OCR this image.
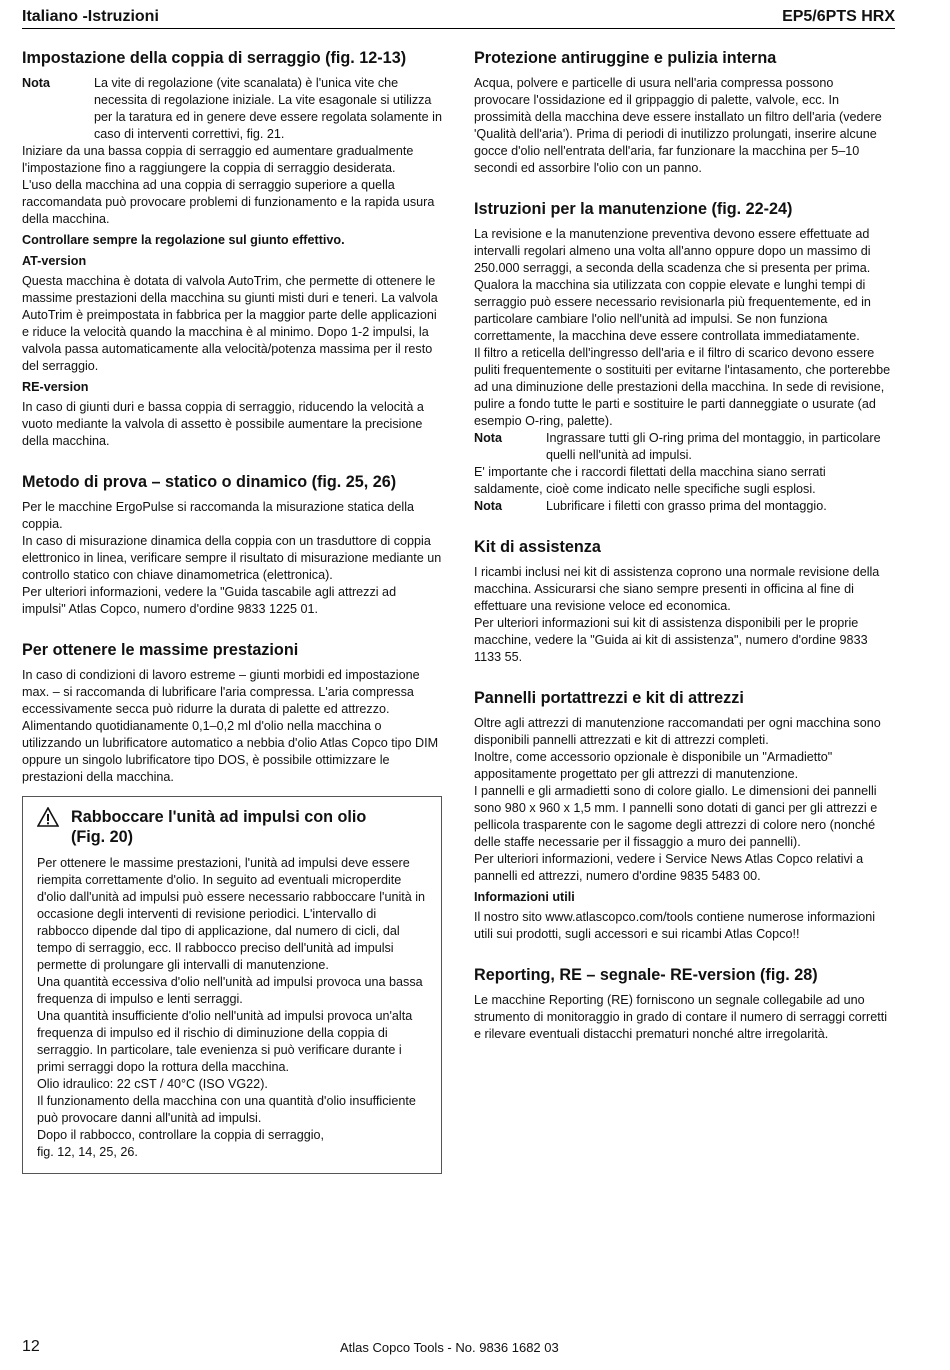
Italiano -Istruzioni	EP5/6PTS HRX
Impostazione della coppia di serraggio (fig. 12-13)
Nota	La vite di regolazione (vite scanalata) è l'unica vite che necessita di regolazione iniziale. La vite esagonale si utilizza per la taratura ed in genere deve essere regolata solamente in caso di interventi correttivi, fig. 21.

Iniziare da una bassa coppia di serraggio ed aumentare gradualmente l'impostazione fino a raggiungere la coppia di serraggio desiderata.

L'uso della macchina ad una coppia di serraggio superiore a quella raccomandata può provocare problemi di funzionamento e la rapida usura della macchina.

Controllare sempre la regolazione sul giunto effettivo.

AT-version

Questa macchina è dotata di valvola AutoTrim, che permette di ottenere le massime prestazioni della macchina su giunti misti duri e teneri. La valvola AutoTrim è preimpostata in fabbrica per la maggior parte delle applicazioni e riduce la velocità quando la macchina è al minimo. Dopo 1-2 impulsi, la valvola passa automaticamente alla velocità/potenza massima per il resto del serraggio.

RE-version

In caso di giunti duri e bassa coppia di serraggio, riducendo la velocità a vuoto mediante la valvola di assetto è possibile aumentare la precisione della macchina.

Metodo di prova – statico o dinamico (fig. 25, 26)

Per le macchine ErgoPulse si raccomanda la misurazione statica della coppia.

In caso di misurazione dinamica della coppia con un trasduttore di coppia elettronico in linea, verificare sempre il risultato di misurazione mediante un controllo statico con chiave dinamometrica (elettronica).

Per ulteriori informazioni, vedere la "Guida tascabile agli attrezzi ad impulsi" Atlas Copco, numero d'ordine 9833 1225 01.

Per ottenere le massime prestazioni

In caso di condizioni di lavoro estreme – giunti morbidi ed impostazione max. – si raccomanda di lubrificare l'aria compressa. L'aria compressa eccessivamente secca può ridurre la durata di palette ed attrezzo. Alimentando quotidianamente 0,1–0,2 ml d'olio nella macchina o utilizzando un lubrificatore automatico a nebbia d'olio Atlas Copco tipo DIM oppure un singolo lubrificatore tipo DOS, è possibile ottimizzare le prestazioni della macchina.

Rabboccare l'unità ad impulsi con olio
(Fig. 20)

Per ottenere le massime prestazioni, l'unità ad impulsi deve essere riempita correttamente d'olio. In seguito ad eventuali microperdite d'olio dall'unità ad impulsi può essere necessario rabboccare l'unità in occasione degli interventi di revisione periodici. L'intervallo di rabbocco dipende dal tipo di applicazione, dal numero di cicli, dal tempo di serraggio, ecc. Il rabbocco preciso dell'unità ad impulsi permette di prolungare gli intervalli di manutenzione.

Una quantità eccessiva d'olio nell'unità ad impulsi provoca una bassa frequenza di impulso e lenti serraggi.

Una quantità insufficiente d'olio nell'unità ad impulsi provoca un'alta frequenza di impulso ed il rischio di diminuzione della coppia di serraggio. In particolare, tale evenienza si può verificare durante i primi serraggi dopo la rottura della macchina.

Olio idraulico: 22 cST / 40°C (ISO VG22).

Il funzionamento della macchina con una quantità d'olio insufficiente può provocare danni all'unità ad impulsi.

Dopo il rabbocco, controllare la coppia di serraggio,

fig. 12, 14, 25, 26.

Protezione antiruggine e pulizia interna

Acqua, polvere e particelle di usura nell'aria compressa possono provocare l'ossidazione ed il grippaggio di palette, valvole, ecc. In prossimità della macchina deve essere installato un filtro dell'aria (vedere 'Qualità dell'aria'). Prima di periodi di inutilizzo prolungati, inserire alcune gocce d'olio nell'entrata dell'aria, far funzionare la macchina per 5–10 secondi ed assorbire l'olio con un panno.

Istruzioni per la manutenzione (fig. 22-24)

La revisione e la manutenzione preventiva devono essere effettuate ad intervalli regolari almeno una volta all'anno oppure dopo un massimo di 250.000 serraggi, a seconda della scadenza che si presenta per prima. Qualora la macchina sia utilizzata con coppie elevate e lunghi tempi di serraggio può essere necessario revisionarla più frequentemente, ed in particolare cambiare l'olio nell'unità ad impulsi. Se non funziona correttamente, la macchina deve essere controllata immediatamente.

Il filtro a reticella dell'ingresso dell'aria e il filtro di scarico devono essere puliti frequentemente o sostituiti per evitarne l'intasamento, che porterebbe ad una diminuzione delle prestazioni della macchina. In sede di revisione, pulire a fondo tutte le parti e sostituire le parti danneggiate o usurate (ad esempio O-ring, palette).

Nota	Ingrassare tutti gli O-ring prima del montaggio, in particolare quelli nell'unità ad impulsi.

E' importante che i raccordi filettati della macchina siano serrati saldamente, cioè come indicato nelle specifiche sugli esplosi.

Nota	Lubrificare i filetti con grasso prima del montaggio.
Kit di assistenza

I ricambi inclusi nei kit di assistenza coprono una normale revisione della macchina. Assicurarsi che siano sempre presenti in officina al fine di effettuare una revisione veloce ed economica.

Per ulteriori informazioni sui kit di assistenza disponibili per le proprie macchine, vedere la "Guida ai kit di assistenza", numero d'ordine 9833 1133 55.

Pannelli portattrezzi e kit di attrezzi

Oltre agli attrezzi di manutenzione raccomandati per ogni macchina sono disponibili pannelli attrezzati e kit di attrezzi completi.

Inoltre, come accessorio opzionale è disponibile un "Armadietto" appositamente progettato per gli attrezzi di manutenzione.

I pannelli e gli armadietti sono di colore giallo. Le dimensioni dei pannelli sono 980 x 960 x 1,5 mm. I pannelli sono dotati di ganci per gli attrezzi e pellicola trasparente con le sagome degli attrezzi di colore nero (nonché delle staffe necessarie per il fissaggio a muro dei pannelli).

Per ulteriori informazioni, vedere i Service News Atlas Copco relativi a pannelli ed attrezzi, numero d'ordine 9835 5483 00.

Informazioni utili

Il nostro sito www.atlascopco.com/tools contiene numerose informazioni utili sui prodotti, sugli accessori e sui ricambi Atlas Copco!!

Reporting, RE – segnale- RE-version (fig. 28)

Le macchine Reporting (RE) forniscono un segnale collegabile ad uno strumento di monitoraggio in grado di contare il numero di serraggi corretti e rilevare eventuali distacchi prematuri nonché altre irregolarità.

12	Atlas Copco Tools - No. 9836 1682 03
